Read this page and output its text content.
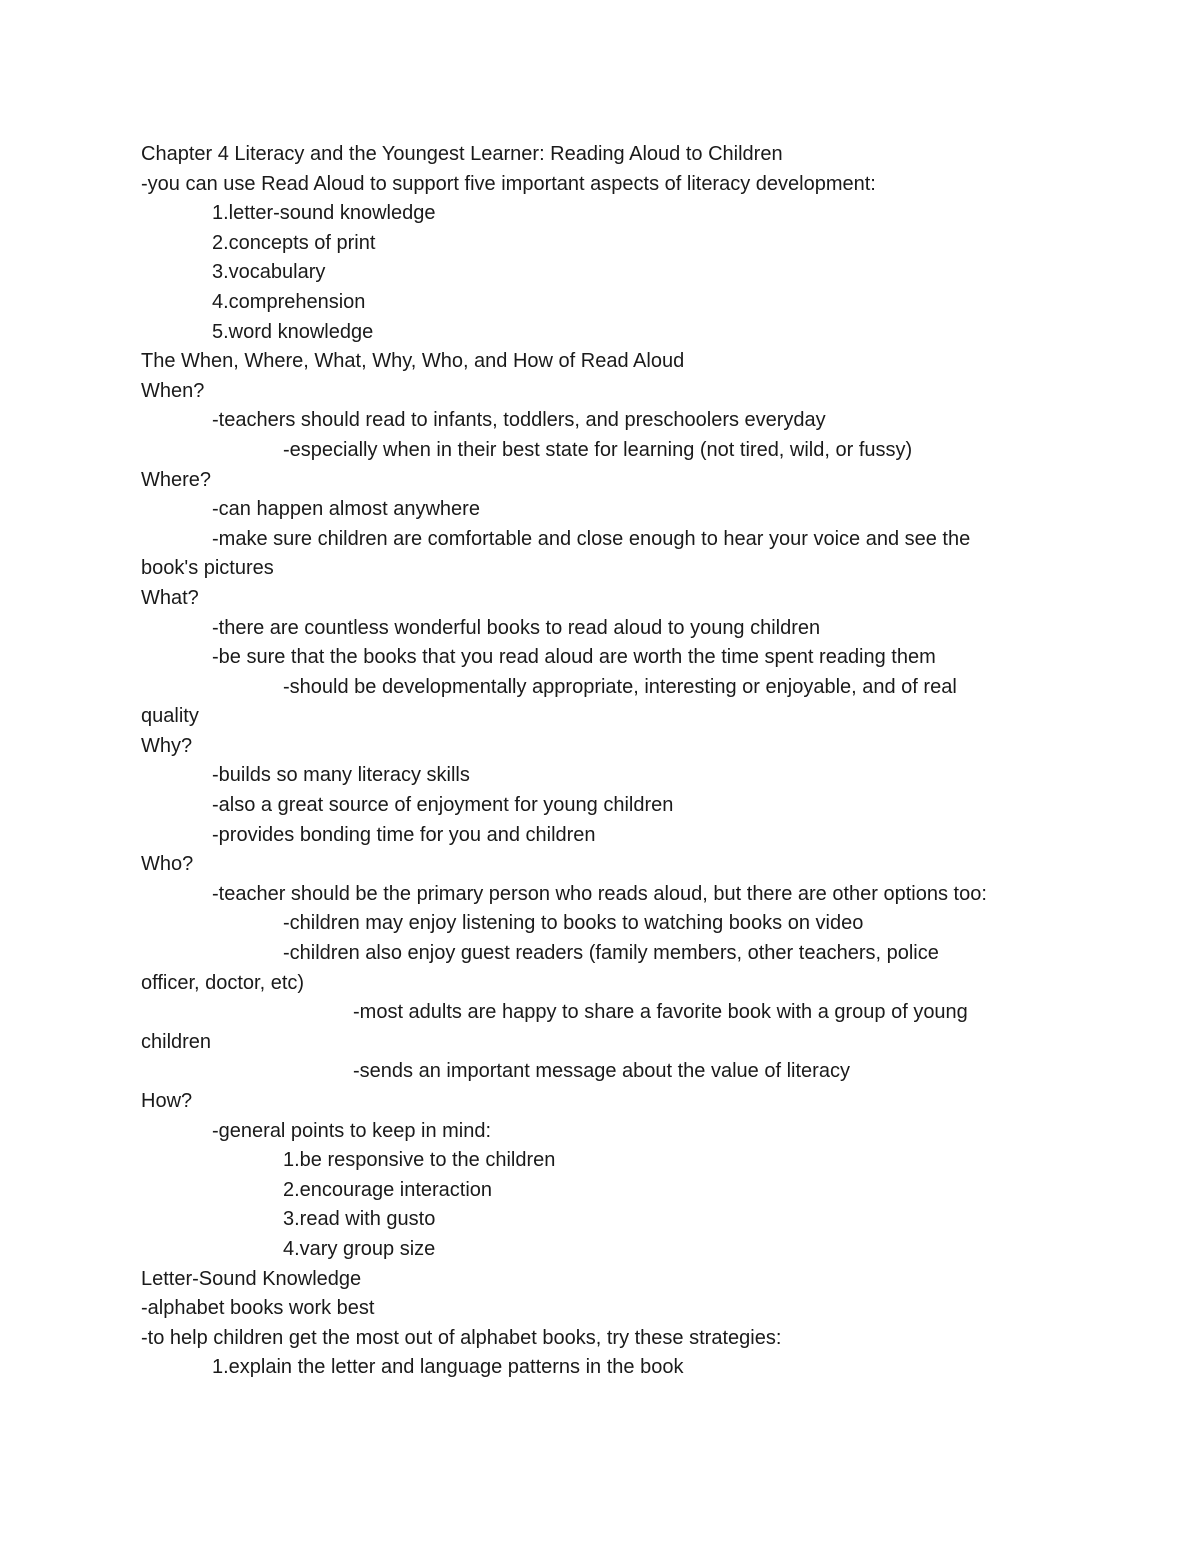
Chapter 4 Literacy and the Youngest Learner: Reading Aloud to Children
-you can use Read Aloud to support five important aspects of literacy development:
1.letter-sound knowledge
2.concepts of print
3.vocabulary
4.comprehension
5.word knowledge
The When, Where, What, Why, Who, and How of Read Aloud
When?
-teachers should read to infants, toddlers, and preschoolers everyday
-especially when in their best state for learning (not tired, wild, or fussy)
Where?
-can happen almost anywhere
-make sure children are comfortable and close enough to hear your voice and see the
book's pictures
What?
-there are countless wonderful books to read aloud to young children
-be sure that the books that you read aloud are worth the time spent reading them
-should be developmentally appropriate, interesting or enjoyable, and of real
quality
Why?
-builds so many literacy skills
-also a great source of enjoyment for young children
-provides bonding time for you and children
Who?
-teacher should be the primary person who reads aloud, but there are other options too:
-children may enjoy listening to books to watching books on video
-children also enjoy guest readers (family members, other teachers, police
officer, doctor, etc)
-most adults are happy to share a favorite book with a group of young
children
-sends an important message about the value of literacy
How?
-general points to keep in mind:
1.be responsive to the children
2.encourage interaction
3.read with gusto
4.vary group size
Letter-Sound Knowledge
-alphabet books work best
-to help children get the most out of alphabet books, try these strategies:
1.explain the letter and language patterns in the book
